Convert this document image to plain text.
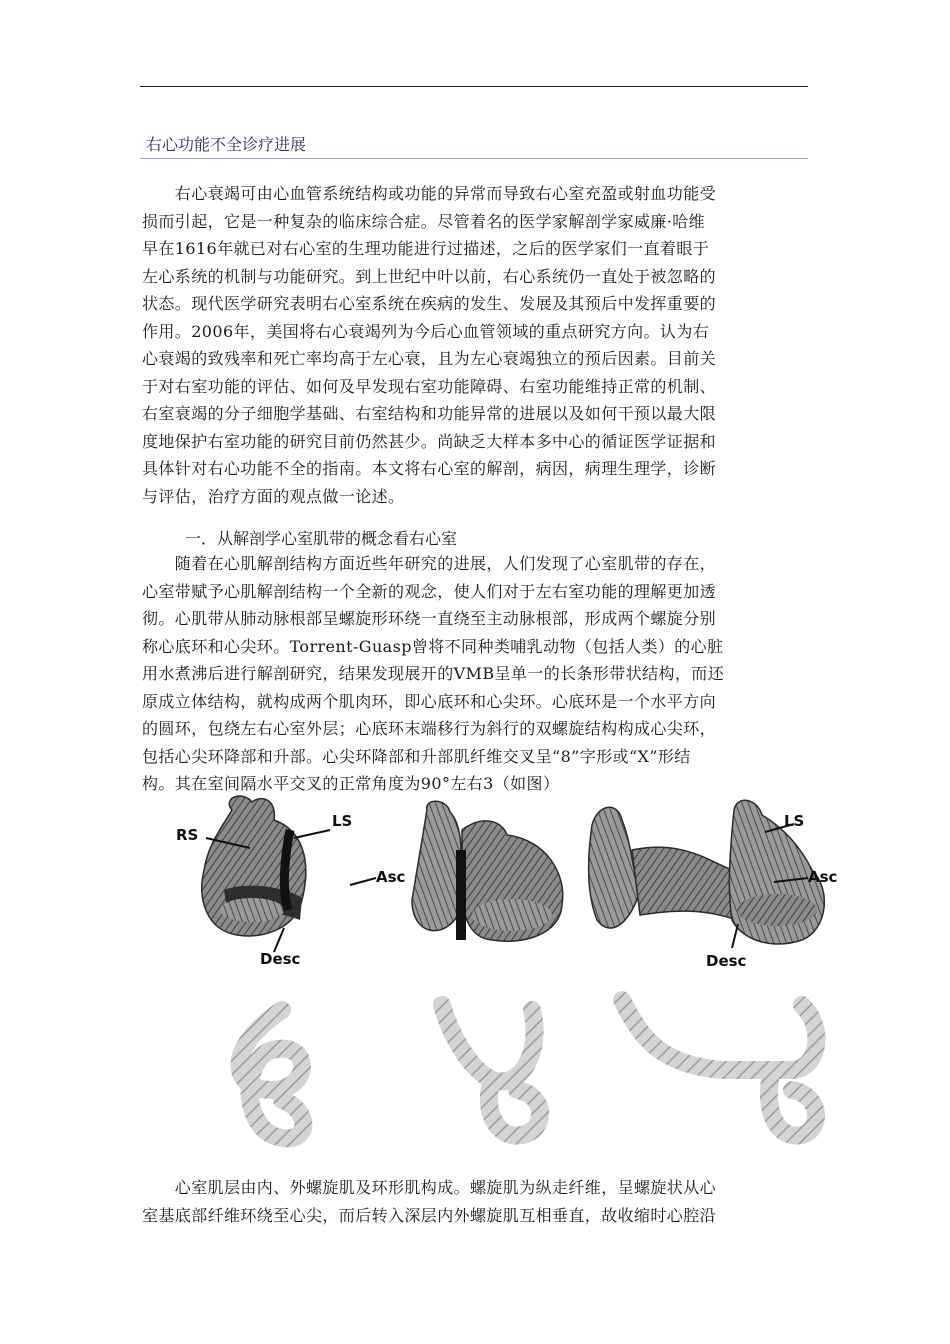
右心功能不全诊疗进展
　　右心衰竭可由心血管系统结构或功能的异常而导致右心室充盈或射血功能受
损而引起，它是一种复杂的临床综合症。尽管着名的医学家解剖学家威廉·哈维
早在1616年就已对右心室的生理功能进行过描述，之后的医学家们一直着眼于
左心系统的机制与功能研究。到上世纪中叶以前，右心系统仍一直处于被忽略的
状态。现代医学研究表明右心室系统在疾病的发生、发展及其预后中发挥重要的
作用。2006年，美国将右心衰竭列为今后心血管领域的重点研究方向。认为右
心衰竭的致残率和死亡率均高于左心衰，且为左心衰竭独立的预后因素。目前关
于对右室功能的评估、如何及早发现右室功能障碍、右室功能维持正常的机制、
右室衰竭的分子细胞学基础、右室结构和功能异常的进展以及如何干预以最大限
度地保护右室功能的研究目前仍然甚少。尚缺乏大样本多中心的循证医学证据和
具体针对右心功能不全的指南。本文将右心室的解剖，病因，病理生理学，诊断
与评估，治疗方面的观点做一论述。
一．从解剖学心室肌带的概念看右心室
　　随着在心肌解剖结构方面近些年研究的进展，人们发现了心室肌带的存在，
心室带赋予心肌解剖结构一个全新的观念，使人们对于左右室功能的理解更加透
彻。心肌带从肺动脉根部呈螺旋形环绕一直绕至主动脉根部，形成两个螺旋分别
称心底环和心尖环。Torrent-Guasp曾将不同种类哺乳动物（包括人类）的心脏
用水煮沸后进行解剖研究，结果发现展开的VMB呈单一的长条形带状结构，而还
原成立体结构，就构成两个肌肉环，即心底环和心尖环。心底环是一个水平方向
的圆环，包绕左右心室外层；心底环末端移行为斜行的双螺旋结构构成心尖环，
包括心尖环降部和升部。心尖环降部和升部肌纤维交叉呈“8”字形或“X”形结
构。其在室间隔水平交叉的正常角度为90°左右3（如图）
RS
LS
Asc
Desc
LS
Asc
Desc
　　心室肌层由内、外螺旋肌及环形肌构成。螺旋肌为纵走纤维，呈螺旋状从心
室基底部纤维环绕至心尖，而后转入深层内外螺旋肌互相垂直，故收缩时心腔沿
